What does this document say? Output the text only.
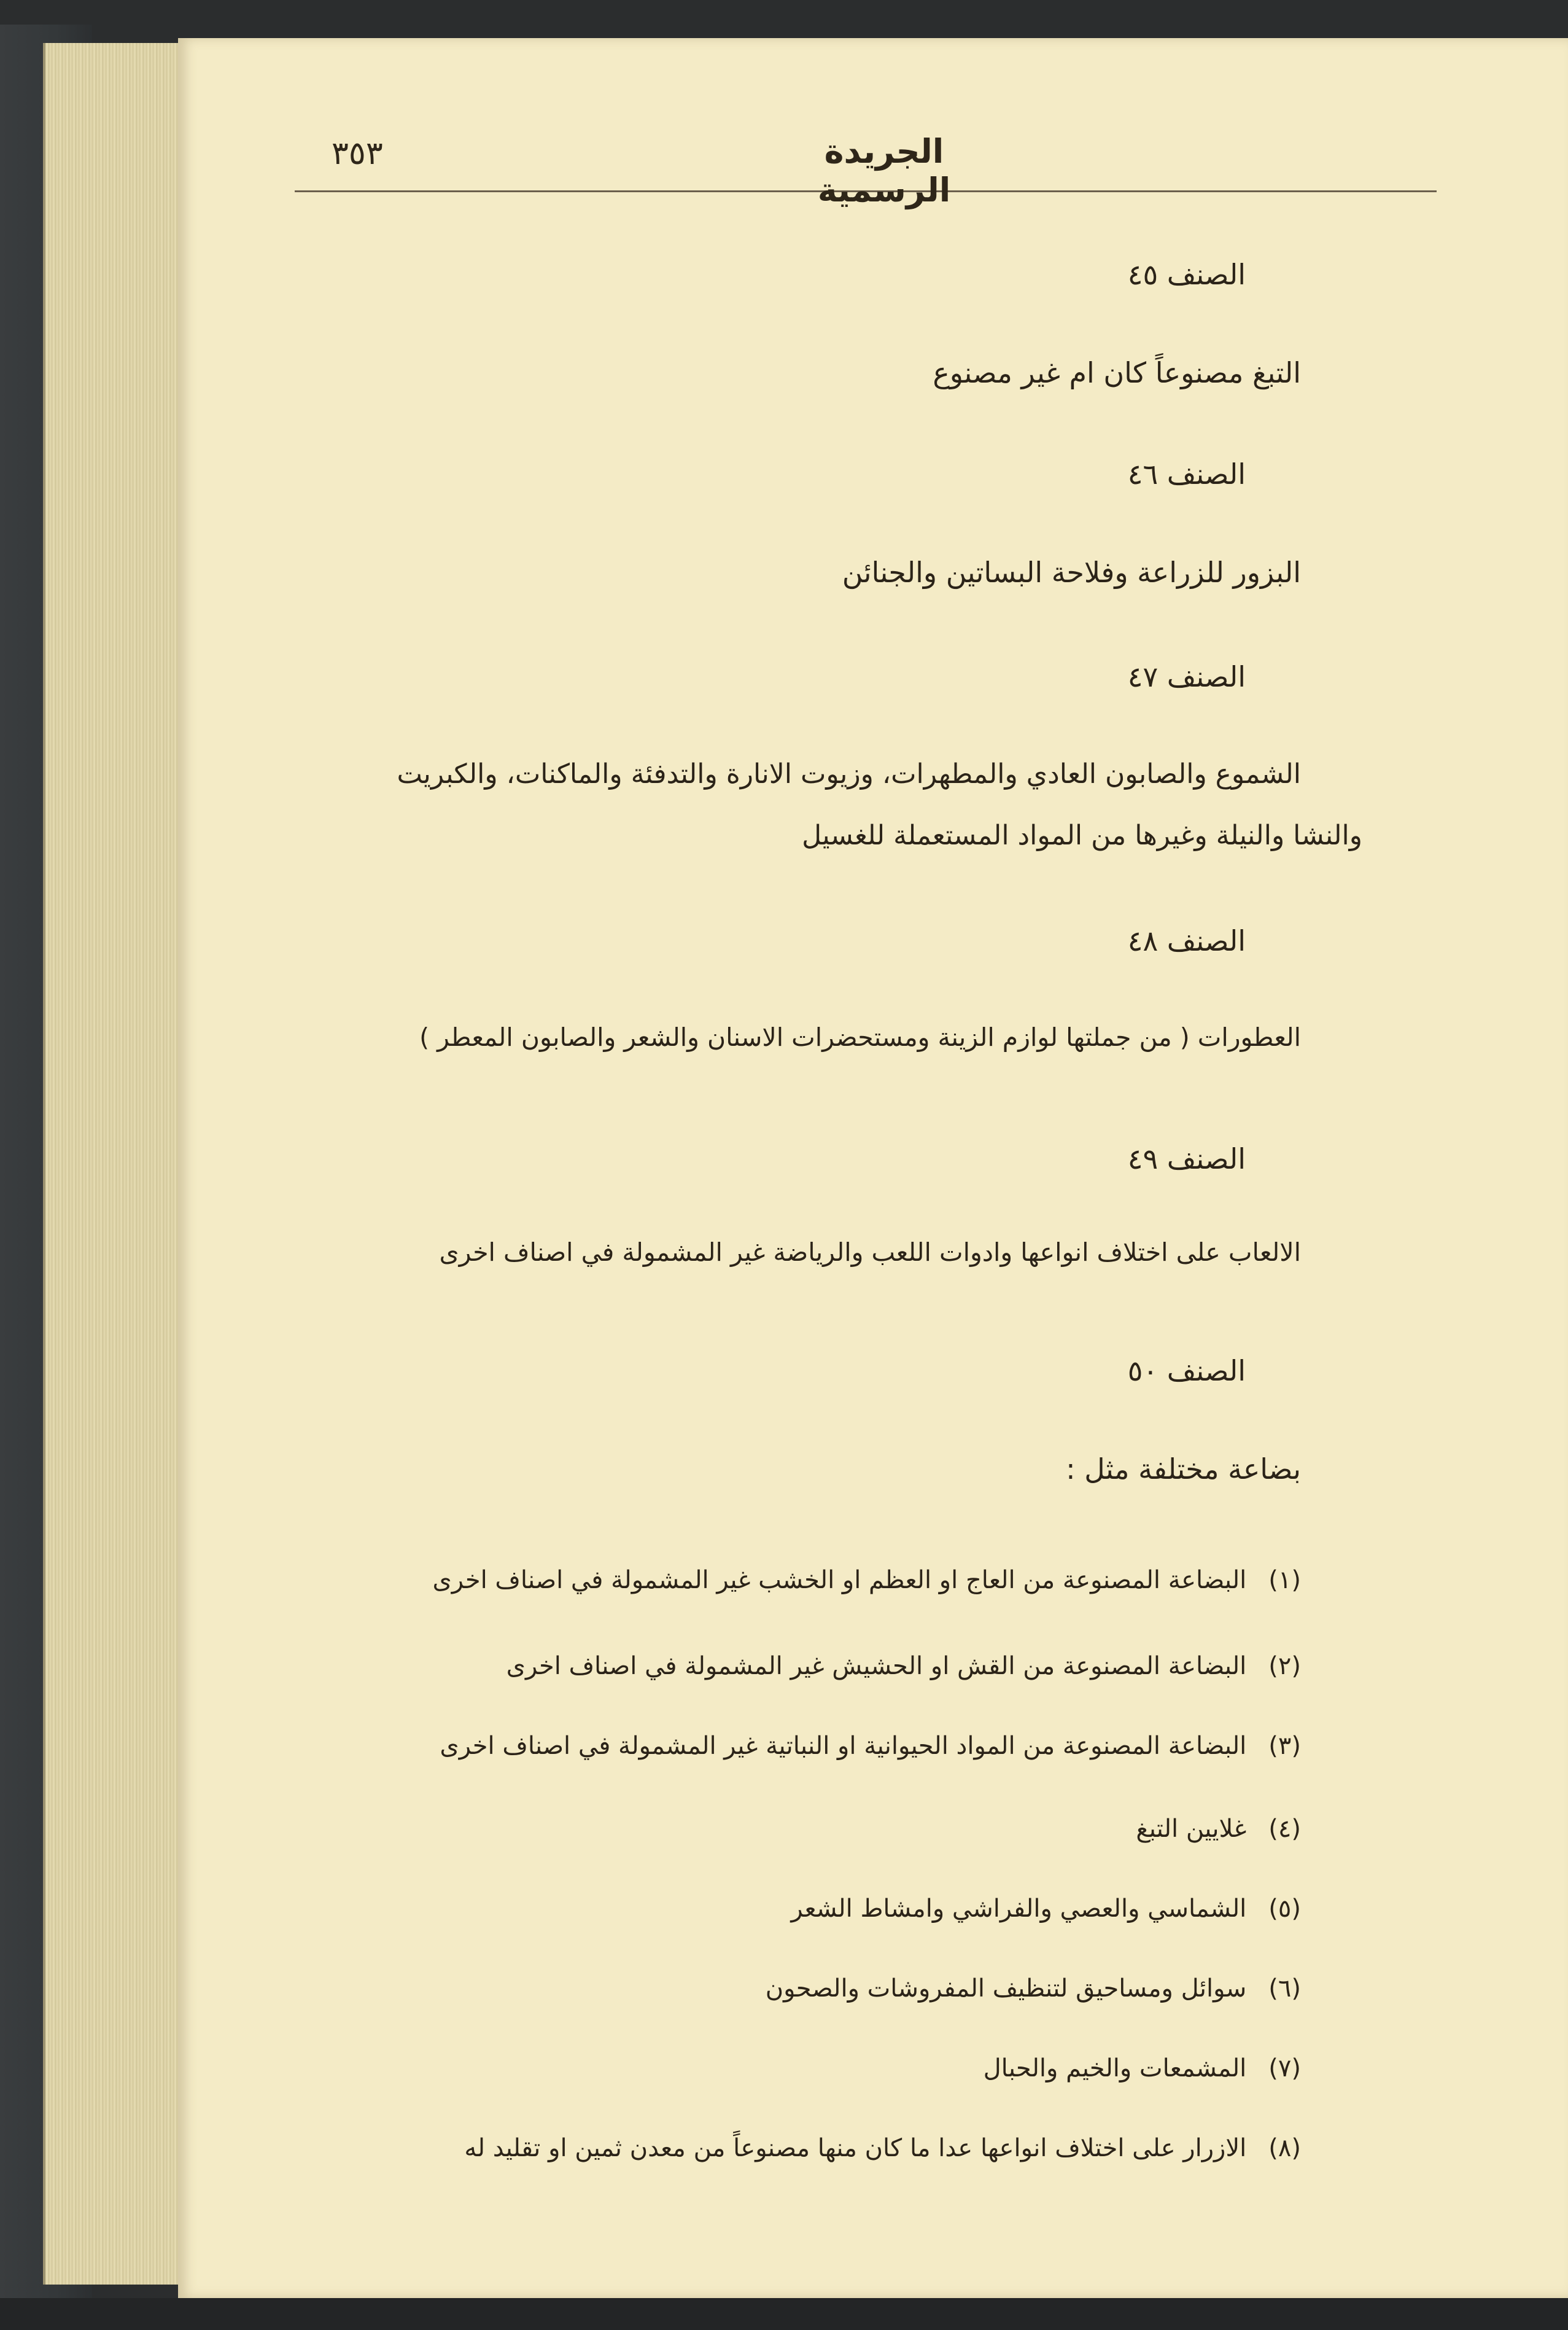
٣٥٣	الجريدة الرسمية
الصنف ٤٥
التبغ مصنوعاً كان ام غير مصنوع
الصنف ٤٦
البزور للزراعة وفلاحة البساتين والجنائن
الصنف ٤٧
الشموع والصابون العادي والمطهرات، وزيوت الانارة والتدفئة والماكنات، والكبريت
والنشا والنيلة وغيرها من المواد المستعملة للغسيل
الصنف ٤٨
العطورات ( من جملتها لوازم الزينة ومستحضرات الاسنان والشعر والصابون المعطر )
الصنف ٤٩
الالعاب على اختلاف انواعها وادوات اللعب والرياضة غير المشمولة في اصناف اخرى
الصنف ٥٠
بضاعة مختلفة مثل :
(١)البضاعة المصنوعة من العاج او العظم او الخشب غير المشمولة في اصناف اخرى
(٢)البضاعة المصنوعة من القش او الحشيش غير المشمولة في اصناف اخرى
(٣)البضاعة المصنوعة من المواد الحيوانية او النباتية غير المشمولة في اصناف اخرى
(٤)غلايين التبغ
(٥)الشماسي والعصي والفراشي وامشاط الشعر
(٦)سوائل ومساحيق لتنظيف المفروشات والصحون
(٧)المشمعات والخيم والحبال
(٨)الازرار على اختلاف انواعها عدا ما كان منها مصنوعاً من معدن ثمين او تقليد له
